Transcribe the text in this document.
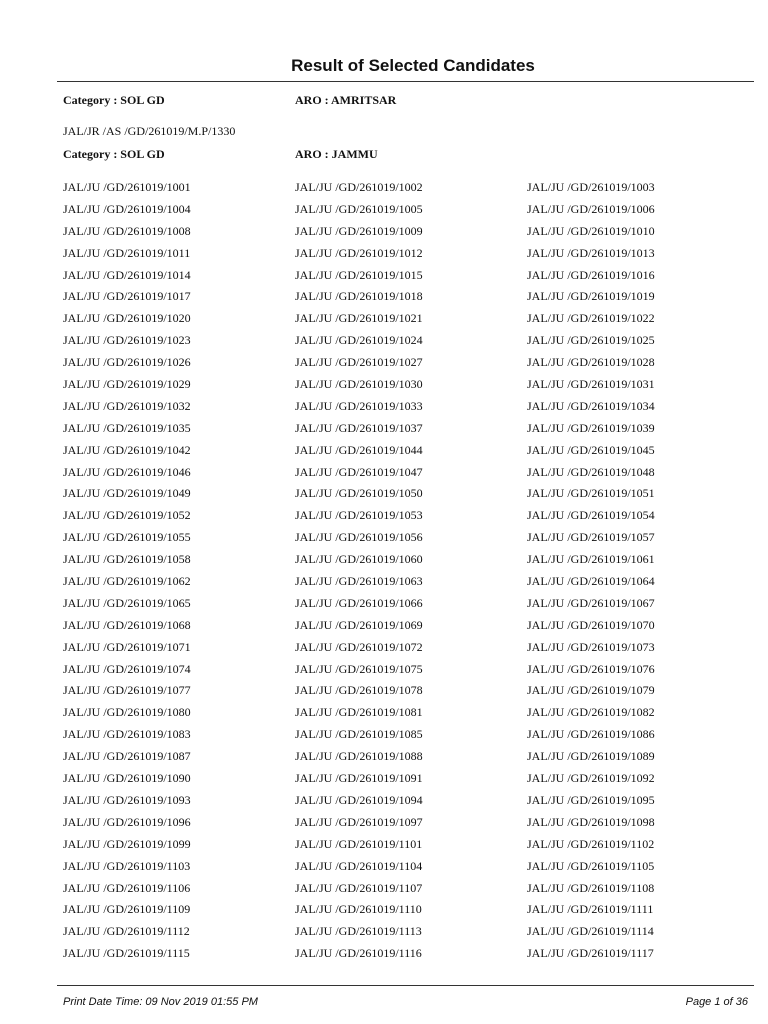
Result of Selected Candidates
Category : SOL GD	ARO : AMRITSAR
JAL/JR /AS /GD/261019/M.P/1330
Category : SOL GD	ARO : JAMMU
JAL/JU /GD/261019/1001	JAL/JU /GD/261019/1002	JAL/JU /GD/261019/1003
JAL/JU /GD/261019/1004	JAL/JU /GD/261019/1005	JAL/JU /GD/261019/1006
JAL/JU /GD/261019/1008	JAL/JU /GD/261019/1009	JAL/JU /GD/261019/1010
JAL/JU /GD/261019/1011	JAL/JU /GD/261019/1012	JAL/JU /GD/261019/1013
JAL/JU /GD/261019/1014	JAL/JU /GD/261019/1015	JAL/JU /GD/261019/1016
JAL/JU /GD/261019/1017	JAL/JU /GD/261019/1018	JAL/JU /GD/261019/1019
JAL/JU /GD/261019/1020	JAL/JU /GD/261019/1021	JAL/JU /GD/261019/1022
JAL/JU /GD/261019/1023	JAL/JU /GD/261019/1024	JAL/JU /GD/261019/1025
JAL/JU /GD/261019/1026	JAL/JU /GD/261019/1027	JAL/JU /GD/261019/1028
JAL/JU /GD/261019/1029	JAL/JU /GD/261019/1030	JAL/JU /GD/261019/1031
JAL/JU /GD/261019/1032	JAL/JU /GD/261019/1033	JAL/JU /GD/261019/1034
JAL/JU /GD/261019/1035	JAL/JU /GD/261019/1037	JAL/JU /GD/261019/1039
JAL/JU /GD/261019/1042	JAL/JU /GD/261019/1044	JAL/JU /GD/261019/1045
JAL/JU /GD/261019/1046	JAL/JU /GD/261019/1047	JAL/JU /GD/261019/1048
JAL/JU /GD/261019/1049	JAL/JU /GD/261019/1050	JAL/JU /GD/261019/1051
JAL/JU /GD/261019/1052	JAL/JU /GD/261019/1053	JAL/JU /GD/261019/1054
JAL/JU /GD/261019/1055	JAL/JU /GD/261019/1056	JAL/JU /GD/261019/1057
JAL/JU /GD/261019/1058	JAL/JU /GD/261019/1060	JAL/JU /GD/261019/1061
JAL/JU /GD/261019/1062	JAL/JU /GD/261019/1063	JAL/JU /GD/261019/1064
JAL/JU /GD/261019/1065	JAL/JU /GD/261019/1066	JAL/JU /GD/261019/1067
JAL/JU /GD/261019/1068	JAL/JU /GD/261019/1069	JAL/JU /GD/261019/1070
JAL/JU /GD/261019/1071	JAL/JU /GD/261019/1072	JAL/JU /GD/261019/1073
JAL/JU /GD/261019/1074	JAL/JU /GD/261019/1075	JAL/JU /GD/261019/1076
JAL/JU /GD/261019/1077	JAL/JU /GD/261019/1078	JAL/JU /GD/261019/1079
JAL/JU /GD/261019/1080	JAL/JU /GD/261019/1081	JAL/JU /GD/261019/1082
JAL/JU /GD/261019/1083	JAL/JU /GD/261019/1085	JAL/JU /GD/261019/1086
JAL/JU /GD/261019/1087	JAL/JU /GD/261019/1088	JAL/JU /GD/261019/1089
JAL/JU /GD/261019/1090	JAL/JU /GD/261019/1091	JAL/JU /GD/261019/1092
JAL/JU /GD/261019/1093	JAL/JU /GD/261019/1094	JAL/JU /GD/261019/1095
JAL/JU /GD/261019/1096	JAL/JU /GD/261019/1097	JAL/JU /GD/261019/1098
JAL/JU /GD/261019/1099	JAL/JU /GD/261019/1101	JAL/JU /GD/261019/1102
JAL/JU /GD/261019/1103	JAL/JU /GD/261019/1104	JAL/JU /GD/261019/1105
JAL/JU /GD/261019/1106	JAL/JU /GD/261019/1107	JAL/JU /GD/261019/1108
JAL/JU /GD/261019/1109	JAL/JU /GD/261019/1110	JAL/JU /GD/261019/1111
JAL/JU /GD/261019/1112	JAL/JU /GD/261019/1113	JAL/JU /GD/261019/1114
JAL/JU /GD/261019/1115	JAL/JU /GD/261019/1116	JAL/JU /GD/261019/1117
Print Date Time: 09 Nov 2019 01:55 PM	Page 1 of 36
